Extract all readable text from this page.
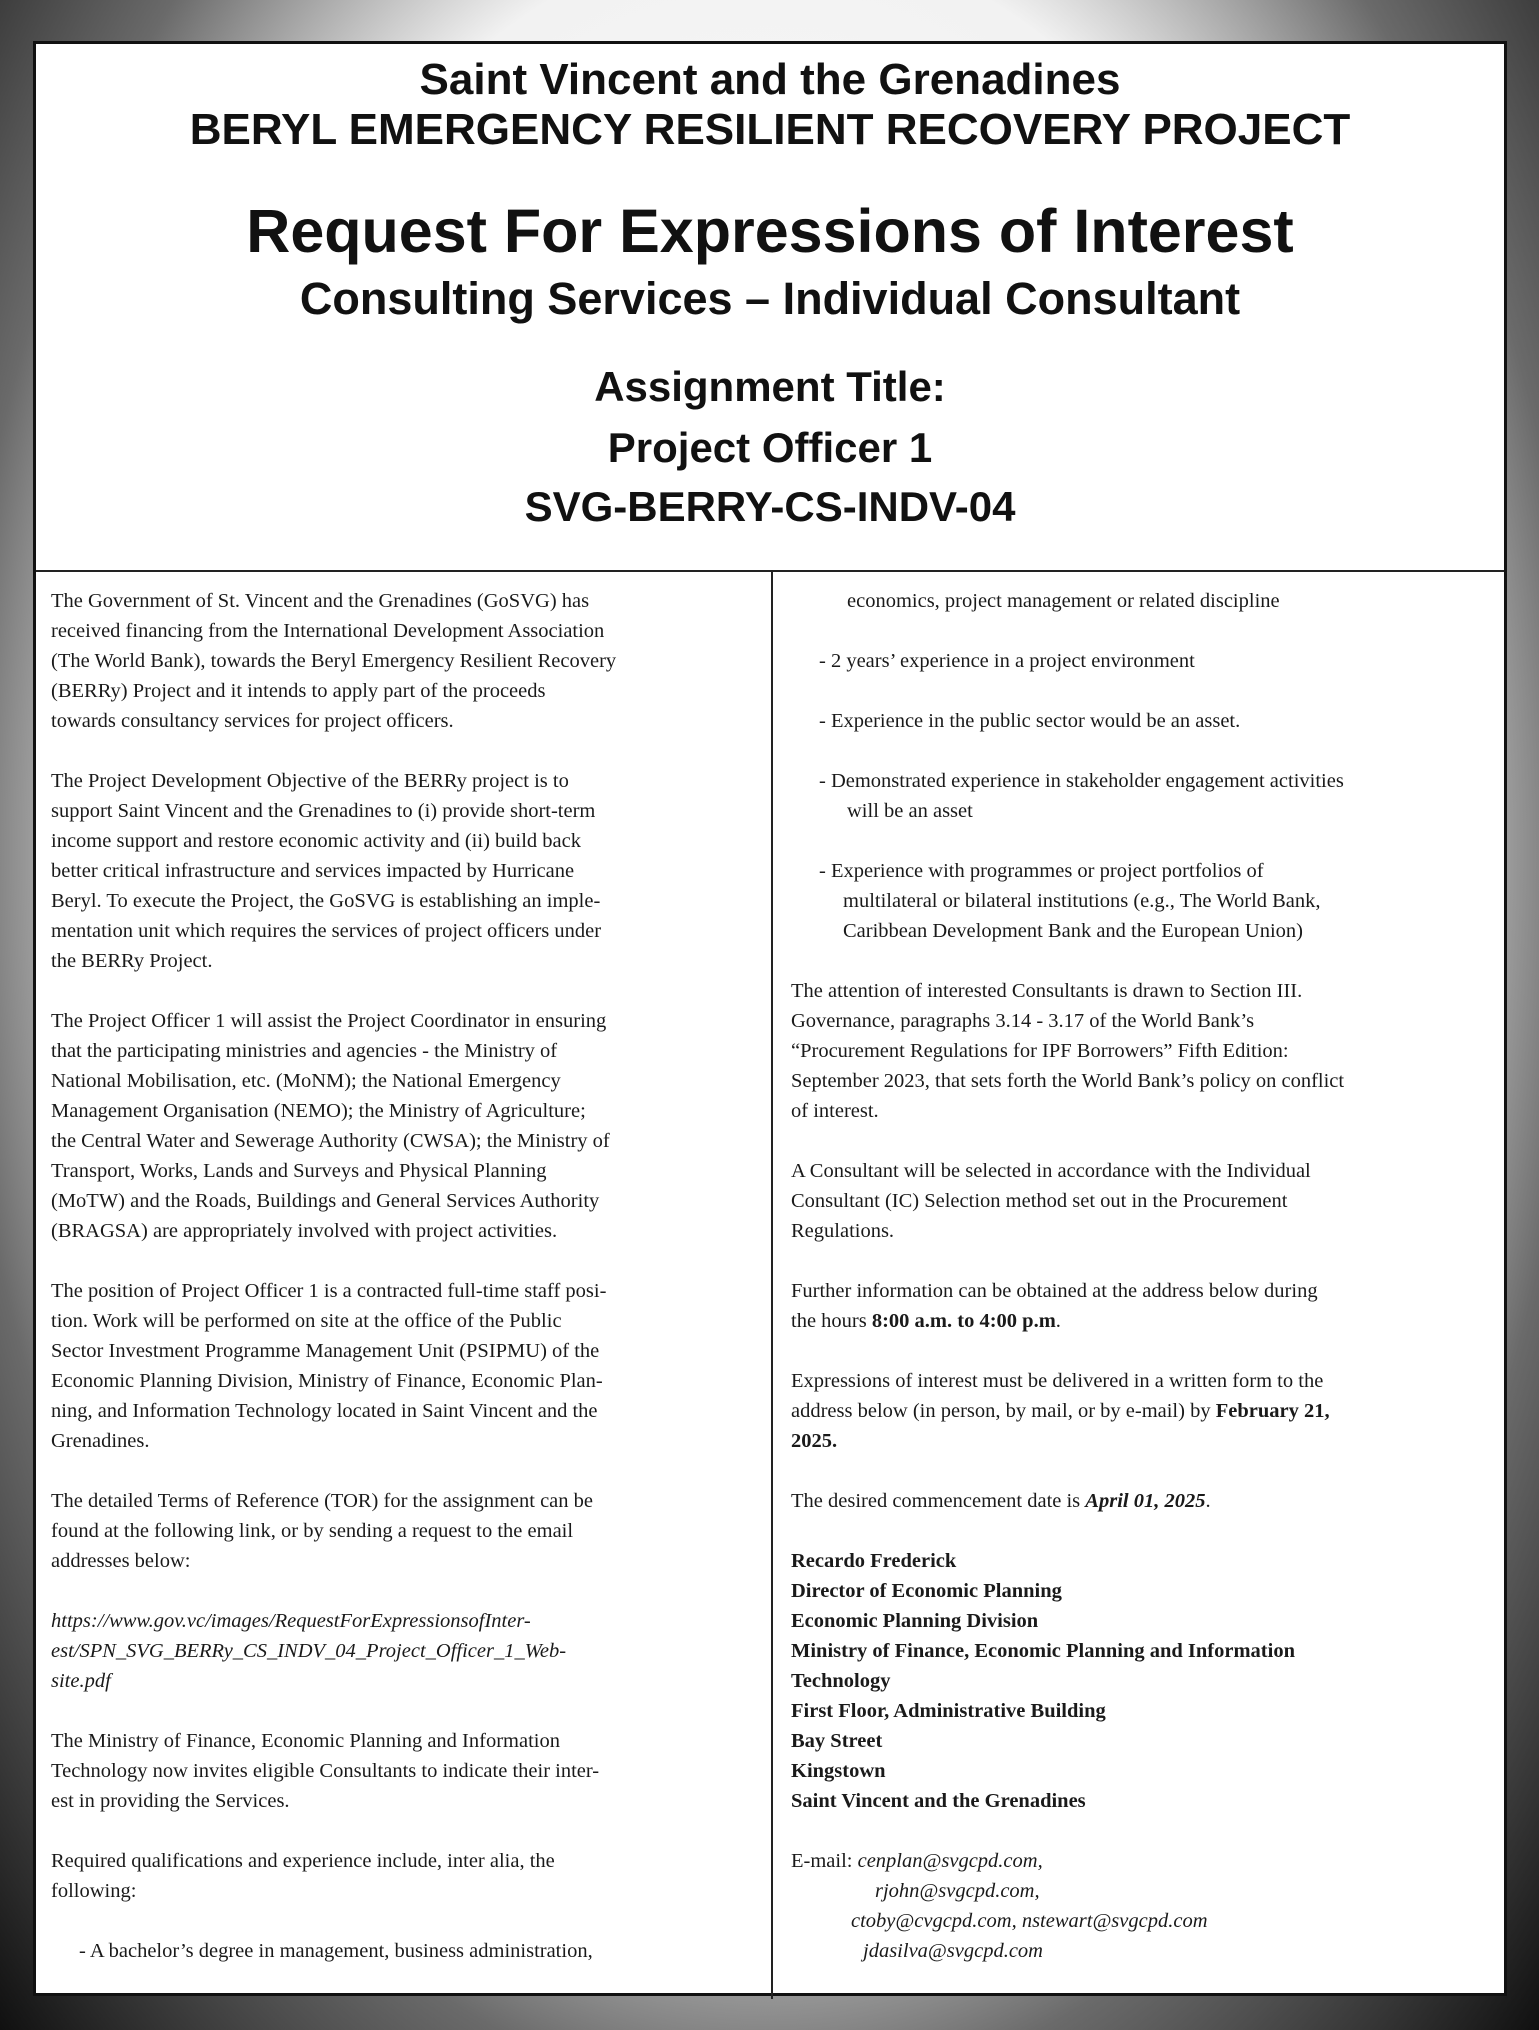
Saint Vincent and the Grenadines
BERYL EMERGENCY RESILIENT RECOVERY PROJECT
Request For Expressions of Interest
Consulting Services – Individual Consultant
Assignment Title:
Project Officer 1
SVG-BERRY-CS-INDV-04

The Government of St. Vincent and the Grenadines (GoSVG) has

received financing from the International Development Association

(The World Bank), towards the Beryl Emergency Resilient Recovery

(BERRy) Project and it intends to apply part of the proceeds

towards consultancy services for project officers.

The Project Development Objective of the BERRy project is to

support Saint Vincent and the Grenadines to (i) provide short-term

income support and restore economic activity and (ii) build back

better critical infrastructure and services impacted by Hurricane

Beryl. To execute the Project, the GoSVG is establishing an imple-

mentation unit which requires the services of project officers under

the BERRy Project.

The Project Officer 1 will assist the Project Coordinator in ensuring

that the participating ministries and agencies - the Ministry of

National Mobilisation, etc. (MoNM); the National Emergency

Management Organisation (NEMO); the Ministry of Agriculture;

the Central Water and Sewerage Authority (CWSA); the Ministry of

Transport, Works, Lands and Surveys and Physical Planning

(MoTW) and the Roads, Buildings and General Services Authority

(BRAGSA) are appropriately involved with project activities.

The position of Project Officer 1 is a contracted full-time staff posi-

tion. Work will be performed on site at the office of the Public

Sector Investment Programme Management Unit (PSIPMU) of the

Economic Planning Division, Ministry of Finance, Economic Plan-

ning, and Information Technology located in Saint Vincent and the

Grenadines.

The detailed Terms of Reference (TOR) for the assignment can be

found at the following link, or by sending a request to the email

addresses below:

https://www.gov.vc/images/RequestForExpressionsofInter-

est/SPN_SVG_BERRy_CS_INDV_04_Project_Officer_1_Web-

site.pdf

The Ministry of Finance, Economic Planning and Information

Technology now invites eligible Consultants to indicate their inter-

est in providing the Services.

Required qualifications and experience include, inter alia, the

following:

- A bachelor’s degree in management, business administration,

economics, project management or related discipline

- 2 years’ experience in a project environment

- Experience in the public sector would be an asset.

- Demonstrated experience in stakeholder engagement activities

will be an asset

- Experience with programmes or project portfolios of

multilateral or bilateral institutions (e.g., The World Bank,

Caribbean Development Bank and the European Union)

The attention of interested Consultants is drawn to Section III.

Governance, paragraphs 3.14 - 3.17 of the World Bank’s

“Procurement Regulations for IPF Borrowers” Fifth Edition:

September 2023, that sets forth the World Bank’s policy on conflict

of interest.

A Consultant will be selected in accordance with the Individual

Consultant (IC) Selection method set out in the Procurement

Regulations.

Further information can be obtained at the address below during

the hours 8:00 a.m. to 4:00 p.m.

Expressions of interest must be delivered in a written form to the

address below (in person, by mail, or by e-mail) by February 21,

2025.

The desired commencement date is April 01, 2025.

Recardo Frederick

Director of Economic Planning

Economic Planning Division

Ministry of Finance, Economic Planning and Information

Technology

First Floor, Administrative Building

Bay Street

Kingstown

Saint Vincent and the Grenadines

E-mail: cenplan@svgcpd.com,

rjohn@svgcpd.com,

ctoby@cvgcpd.com, nstewart@svgcpd.com

jdasilva@svgcpd.com
